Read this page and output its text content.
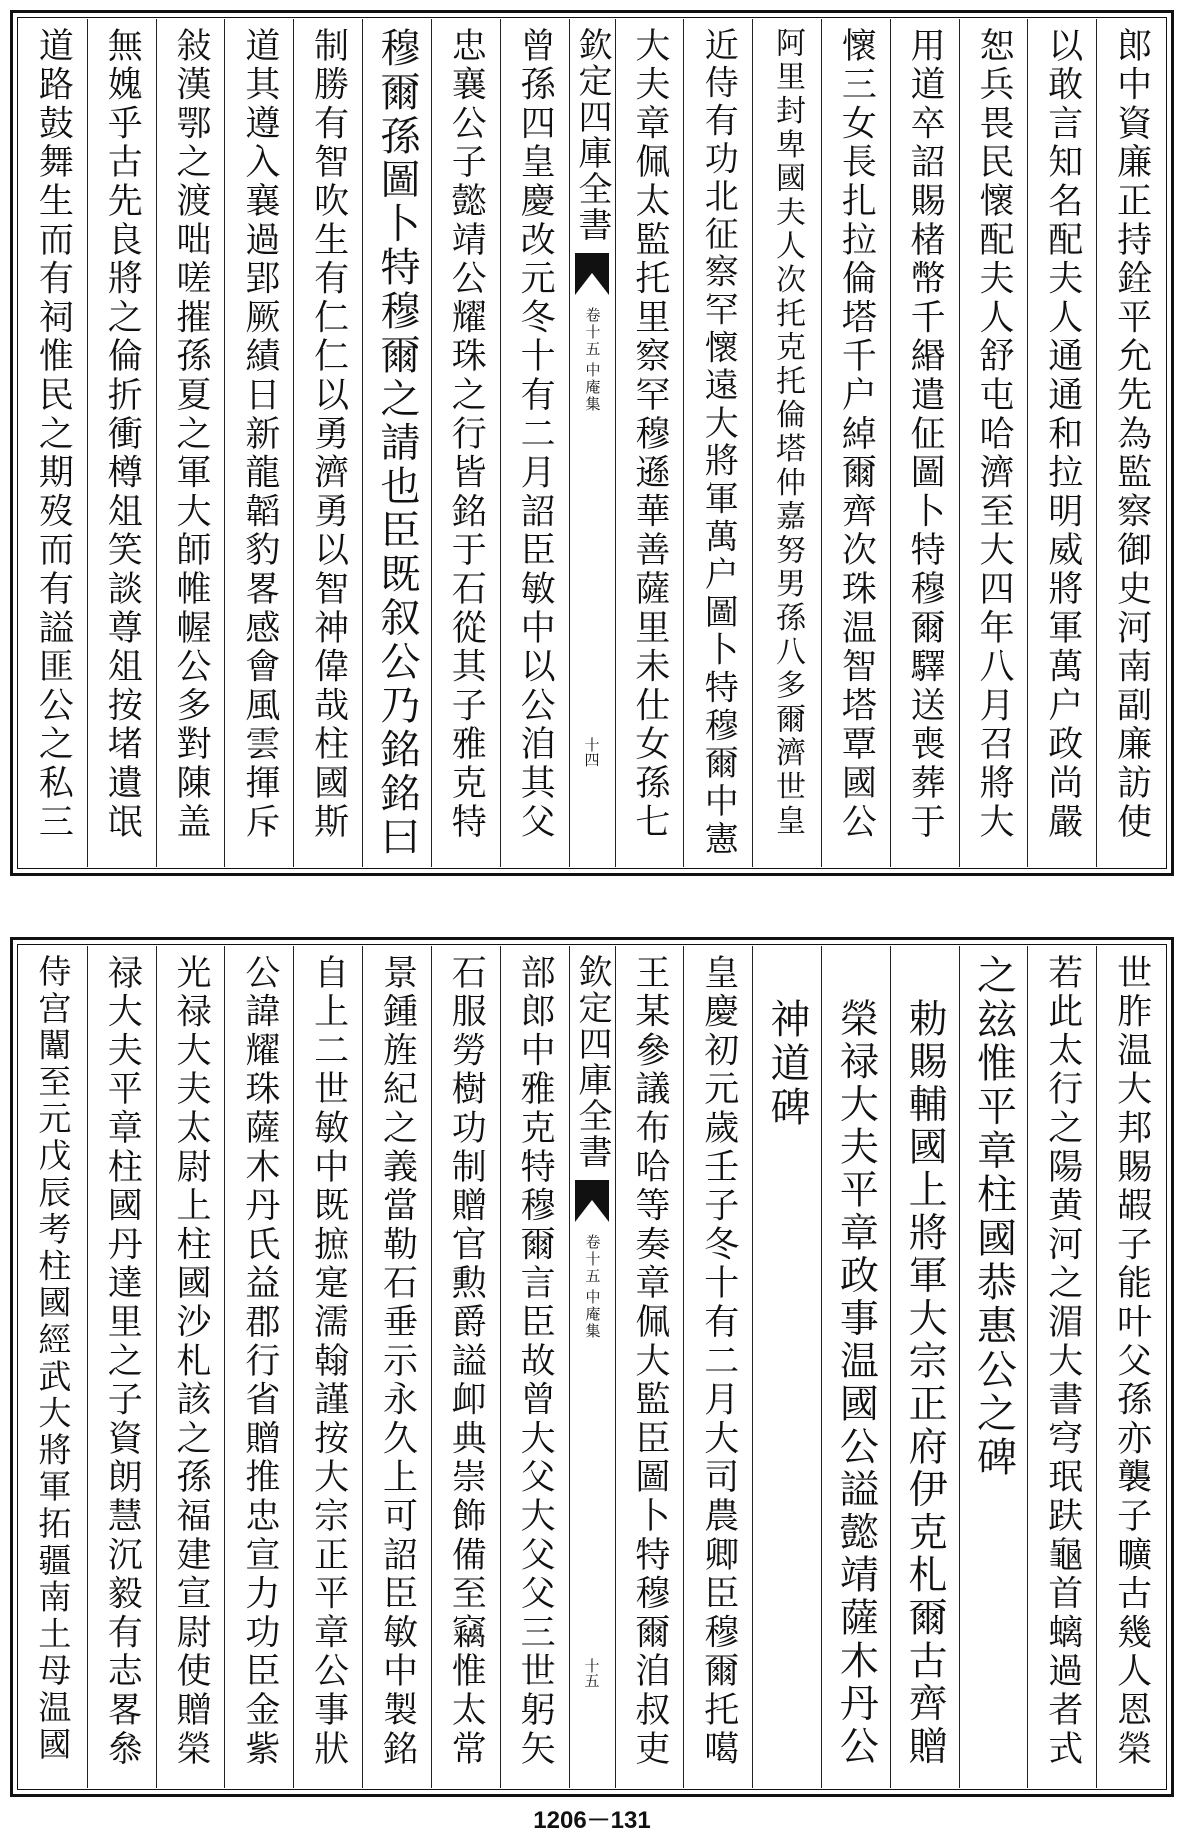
郎中資廉正持銓平允先為監察御史河南副廉訪使
以敢言知名配夫人通通和拉明威將軍萬户政尚嚴
恕兵畏民懷配夫人舒屯哈濟至大四年八月召將大
用道卒詔賜楮幣千緡遣佂圖卜特穆爾驛送喪葬于
懷三女長扎拉倫塔千户綽爾齊次珠温智塔覃國公
阿里封卑國夫人次托克托倫塔仲嘉努男孫八多爾濟世皇
近侍有功北征察罕懷遠大將軍萬户圖卜特穆爾中憲
大夫章佩太監托里察罕穆遜華善薩里未仕女孫七
欽定四庫全書
中庵集
卷十五
十四
曾孫四皇慶改元冬十有二月詔臣敏中以公洎其父
忠襄公子懿靖公耀珠之行皆銘于石從其子雅克特
穆爾孫圖卜特穆爾之請也臣既叙公乃銘銘曰
制勝有智吹生有仁仁以勇濟勇以智神偉哉柱國斯
道其遵入襄過郢厥績日新龍韜豹畧感會風雲揮斥
敍漢鄂之渡咄嗟摧孫夏之軍大師帷幄公多對陳盖
無媿乎古先良將之倫折衝樽俎笑談尊俎按堵遺氓
道路鼓舞生而有祠惟民之期歿而有謚匪公之私三
世胙温大邦賜嘏子能叶父孫亦襲子曠古幾人恩榮
若此太行之陽黄河之湄大書穹珉趺龜首螭過者式
之玆惟平章柱國恭惠公之碑
勅賜輔國上將軍大宗正府伊克札爾古齊贈
榮禄大夫平章政事温國公謚懿靖薩木丹公
神道碑
皇慶初元歲壬子冬十有二月大司農卿臣穆爾托噶
王某參議布哈等奏章佩大監臣圖卜特穆爾洎叔吏
欽定四庫全書
中庵集
卷十五
十五
部郎中雅克特穆爾言臣故曾大父大父父三世躬矢
石服勞樹功制贈官勲爵謚卹典崇飾備至竊惟太常
景鍾旌紀之義當勒石垂示永久上可詔臣敏中製銘
自上二世敏中既摭寔濡翰謹按大宗正平章公事狀
公諱耀珠薩木丹氏益郡行省贈推忠宣力功臣金紫
光禄大夫太尉上柱國沙札該之孫福建宣尉使贈榮
禄大夫平章柱國丹達里之子資朗慧沉毅有志畧叅
侍宫闈至元戊辰考柱國經武大將軍拓疆南土母温國
1206－131
